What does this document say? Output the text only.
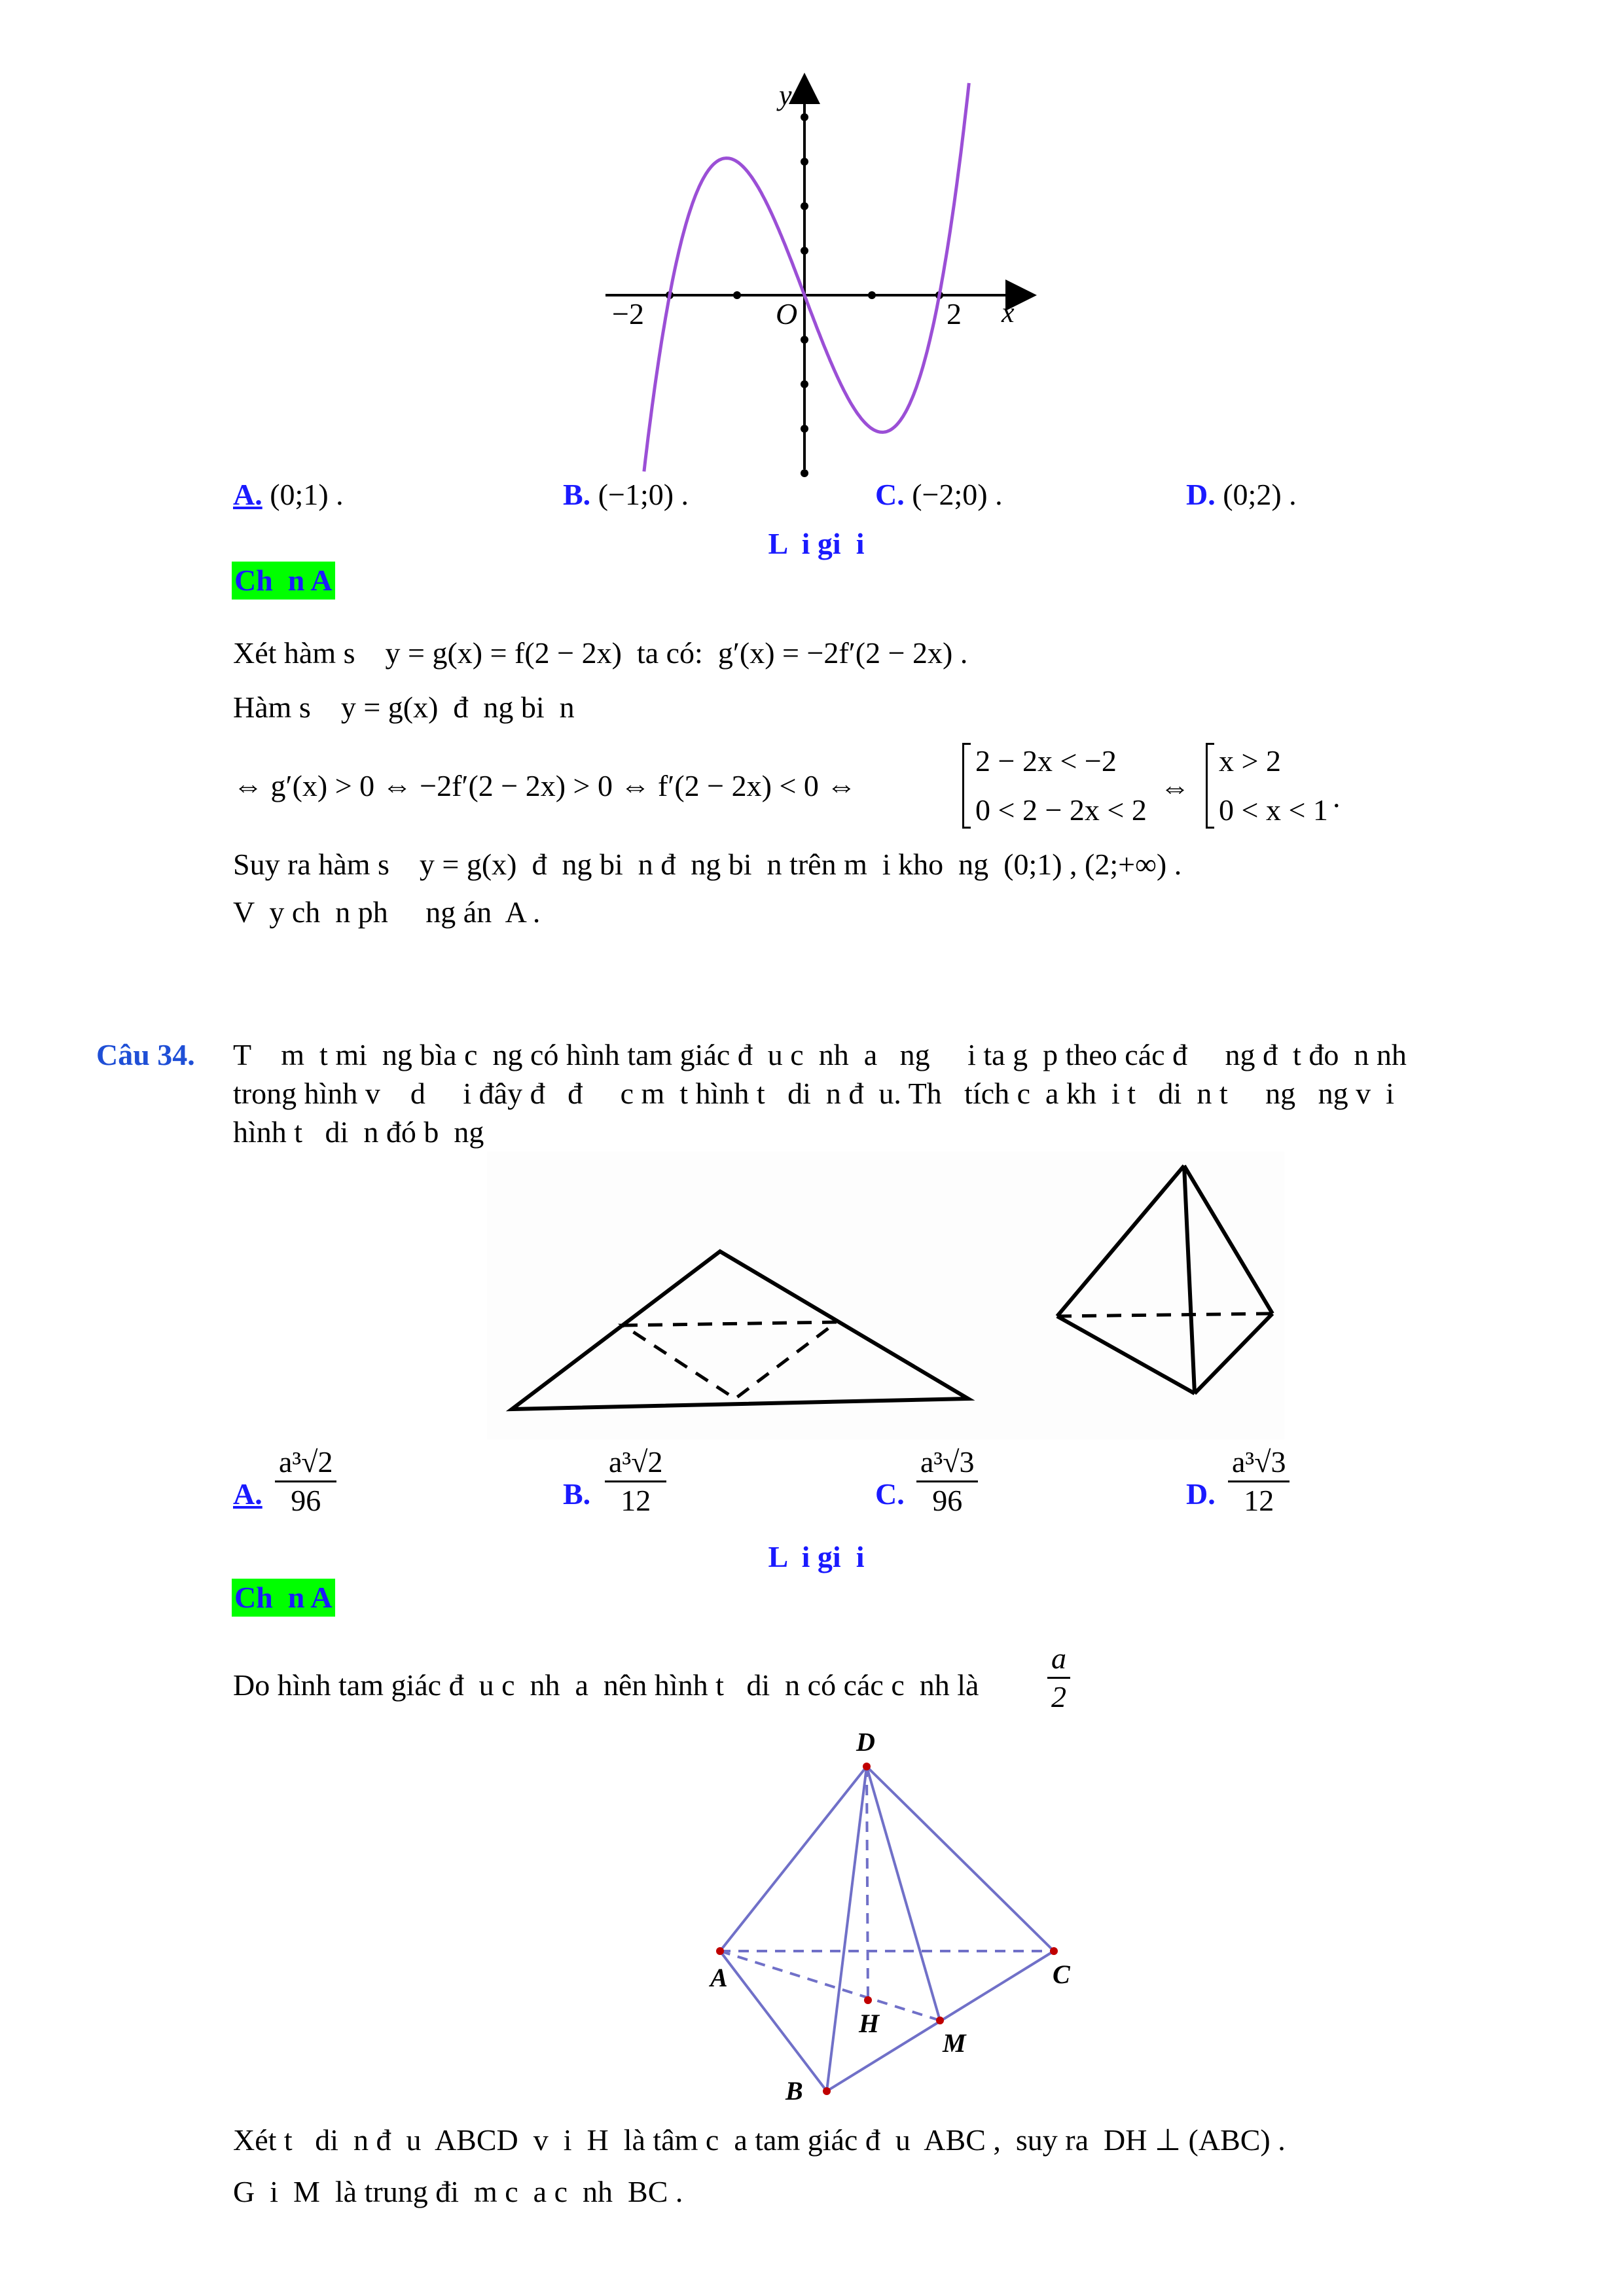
y
x
O
−2	2
A. (0;1) .	B. (−1;0) .	C. (−2;0) .	D. (0;2) .
L  i gi  i
Ch  n A
Xét hàm s    y = g(x) = f(2 − 2x)  ta có:  g′(x) = −2f′(2 − 2x) .
Hàm s    y = g(x)  đ  ng bi  n
⇔ g′(x) > 0 ⇔ −2f′(2 − 2x) > 0 ⇔ f′(2 − 2x) < 0 ⇔
2 − 2x < −2
0 < 2 − 2x < 2
⇔
x > 2
0 < x < 1 .
Suy ra hàm s    y = g(x)  đ  ng bi  n đ  ng bi  n trên m  i kho  ng  (0;1) , (2;+∞) .
V  y ch  n ph     ng án  A .
Câu 34. T    m  t mi  ng bìa c  ng có hình tam giác đ  u c  nh  a   ng     i ta g  p theo các đ     ng đ  t đo  n nh
trong hình v    d     i đây đ   đ     c m  t hình t   di  n đ  u. Th   tích c  a kh  i t   di  n t     ng   ng v  i
hình t   di  n đó b  ng
A. $\frac{\text{a³√2}}{96}$	B. $\frac{\text{a³√2}}{12}$	C. $\frac{\text{a³√3}}{96}$	D. $\frac{\text{a³√3}}{12}$
L  i gi  i
Ch  n A
Do hình tam giác đ  u c  nh  a  nên hình t   di  n có các c  nh là $\frac{a}{2}$
D
A	C
B
H
M
Xét t   di  n đ  u  ABCD  v  i  H  là tâm c  a tam giác đ  u  ABC ,  suy ra  DH ⊥ (ABC) .
G  i  M  là trung đi  m c  a c  nh  BC .
